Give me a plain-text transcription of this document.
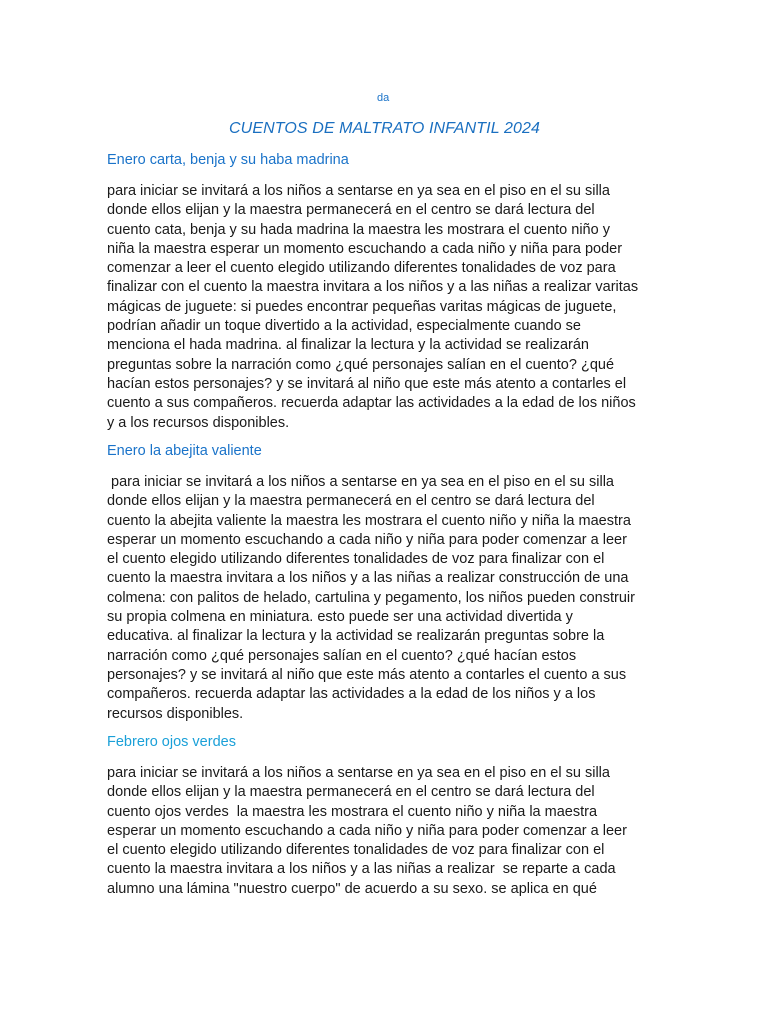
da
CUENTOS DE MALTRATO INFANTIL 2024
Enero carta, benja y su haba madrina
para iniciar se invitará a los niños a sentarse en ya sea en el piso en el su silla
donde ellos elijan y la maestra permanecerá en el centro se dará lectura del
cuento cata, benja y su hada madrina la maestra les mostrara el cuento niño y
niña la maestra esperar un momento escuchando a cada niño y niña para poder
comenzar a leer el cuento elegido utilizando diferentes tonalidades de voz para
finalizar con el cuento la maestra invitara a los niños y a las niñas a realizar varitas
mágicas de juguete: si puedes encontrar pequeñas varitas mágicas de juguete,
podrían añadir un toque divertido a la actividad, especialmente cuando se
menciona el hada madrina. al finalizar la lectura y la actividad se realizarán
preguntas sobre la narración como ¿qué personajes salían en el cuento? ¿qué
hacían estos personajes? y se invitará al niño que este más atento a contarles el
cuento a sus compañeros. recuerda adaptar las actividades a la edad de los niños
y a los recursos disponibles.
Enero la abejita valiente
para iniciar se invitará a los niños a sentarse en ya sea en el piso en el su silla
donde ellos elijan y la maestra permanecerá en el centro se dará lectura del
cuento la abejita valiente la maestra les mostrara el cuento niño y niña la maestra
esperar un momento escuchando a cada niño y niña para poder comenzar a leer
el cuento elegido utilizando diferentes tonalidades de voz para finalizar con el
cuento la maestra invitara a los niños y a las niñas a realizar construcción de una
colmena: con palitos de helado, cartulina y pegamento, los niños pueden construir
su propia colmena en miniatura. esto puede ser una actividad divertida y
educativa. al finalizar la lectura y la actividad se realizarán preguntas sobre la
narración como ¿qué personajes salían en el cuento? ¿qué hacían estos
personajes? y se invitará al niño que este más atento a contarles el cuento a sus
compañeros. recuerda adaptar las actividades a la edad de los niños y a los
recursos disponibles.
Febrero ojos verdes
para iniciar se invitará a los niños a sentarse en ya sea en el piso en el su silla
donde ellos elijan y la maestra permanecerá en el centro se dará lectura del
cuento ojos verdes  la maestra les mostrara el cuento niño y niña la maestra
esperar un momento escuchando a cada niño y niña para poder comenzar a leer
el cuento elegido utilizando diferentes tonalidades de voz para finalizar con el
cuento la maestra invitara a los niños y a las niñas a realizar  se reparte a cada
alumno una lámina "nuestro cuerpo" de acuerdo a su sexo. se aplica en qué
